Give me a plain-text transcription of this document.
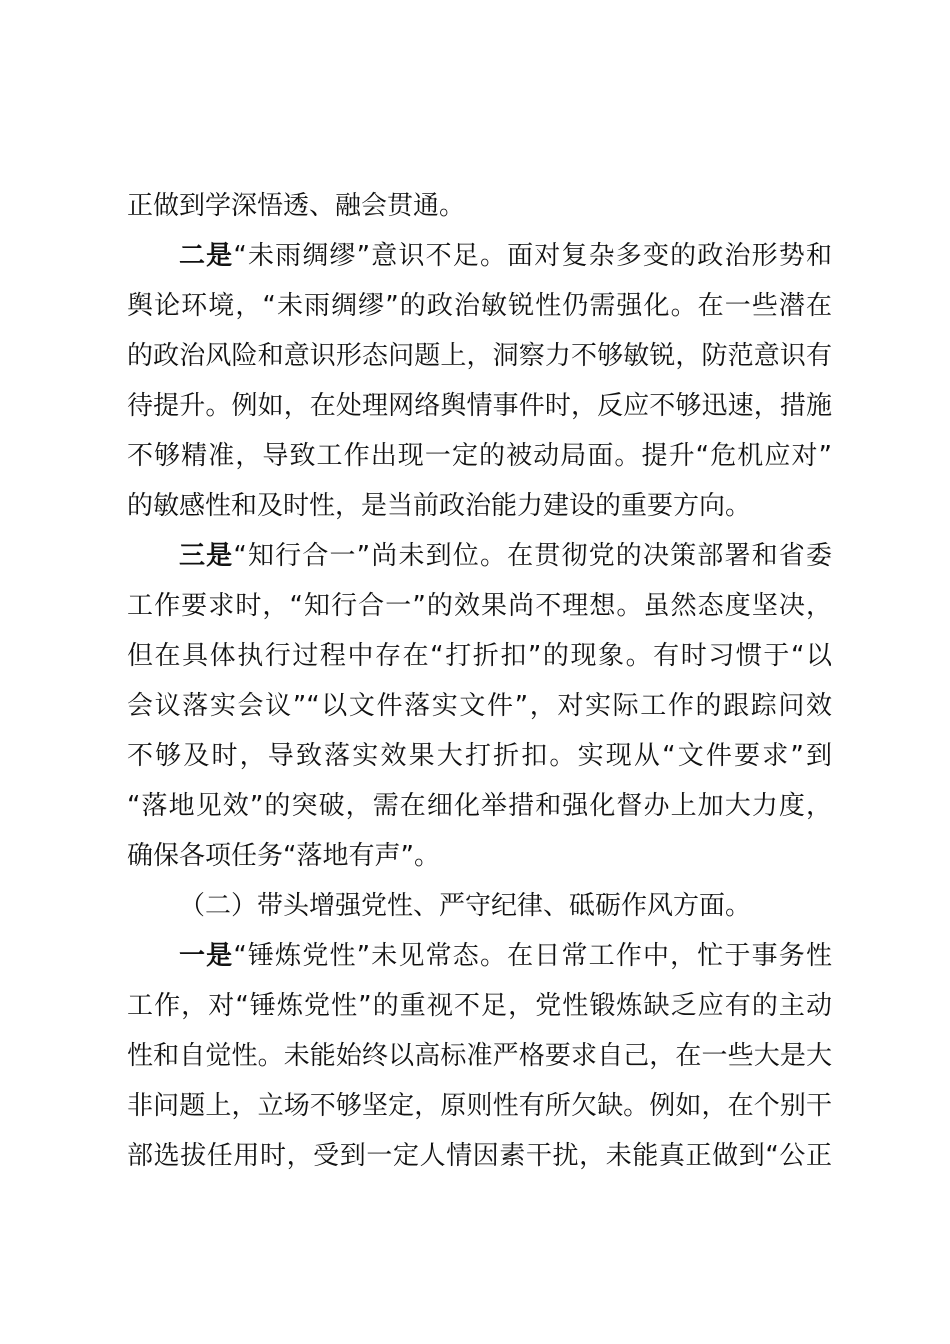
正做到学深悟透、融会贯通。
二是“未雨绸缪”意识不足。面对复杂多变的政治形势和
舆论环境，“未雨绸缪”的政治敏锐性仍需强化。在一些潜在
的政治风险和意识形态问题上，洞察力不够敏锐，防范意识有
待提升。例如，在处理网络舆情事件时，反应不够迅速，措施
不够精准，导致工作出现一定的被动局面。提升“危机应对”
的敏感性和及时性，是当前政治能力建设的重要方向。
三是“知行合一”尚未到位。在贯彻党的决策部署和省委
工作要求时，“知行合一”的效果尚不理想。虽然态度坚决，
但在具体执行过程中存在“打折扣”的现象。有时习惯于“以
会议落实会议”“以文件落实文件”，对实际工作的跟踪问效
不够及时，导致落实效果大打折扣。实现从“文件要求”到
“落地见效”的突破，需在细化举措和强化督办上加大力度，
确保各项任务“落地有声”。
（二）带头增强党性、严守纪律、砥砺作风方面。
一是“锤炼党性”未见常态。在日常工作中，忙于事务性
工作，对“锤炼党性”的重视不足，党性锻炼缺乏应有的主动
性和自觉性。未能始终以高标准严格要求自己，在一些大是大
非问题上，立场不够坚定，原则性有所欠缺。例如，在个别干
部选拔任用时，受到一定人情因素干扰，未能真正做到“公正
